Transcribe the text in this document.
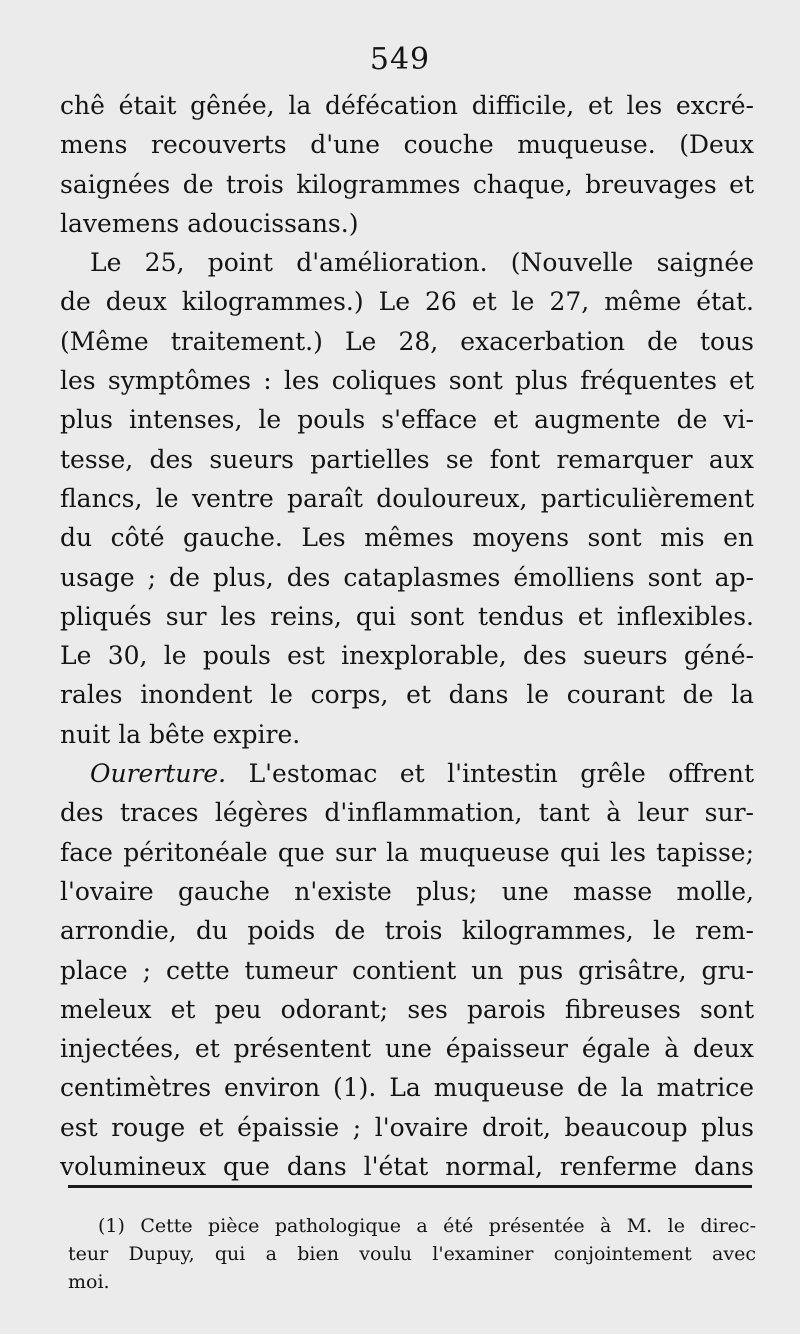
549
chê était gênée, la défécation difficile, et les excré-
mens recouverts d'une couche muqueuse. (Deux
saignées de trois kilogrammes chaque, breuvages et
lavemens adoucissans.)
Le 25, point d'amélioration. (Nouvelle saignée
de deux kilogrammes.) Le 26 et le 27, même état.
(Même traitement.) Le 28, exacerbation de tous
les symptômes : les coliques sont plus fréquentes et
plus intenses, le pouls s'efface et augmente de vi-
tesse, des sueurs partielles se font remarquer aux
flancs, le ventre paraît douloureux, particulièrement
du côté gauche. Les mêmes moyens sont mis en
usage ; de plus, des cataplasmes émolliens sont ap-
pliqués sur les reins, qui sont tendus et inflexibles.
Le 30, le pouls est inexplorable, des sueurs géné-
rales inondent le corps, et dans le courant de la
nuit la bête expire.
Ourerture. L'estomac et l'intestin grêle offrent
des traces légères d'inflammation, tant à leur sur-
face péritonéale que sur la muqueuse qui les tapisse;
l'ovaire gauche n'existe plus; une masse molle,
arrondie, du poids de trois kilogrammes, le rem-
place ; cette tumeur contient un pus grisâtre, gru-
meleux et peu odorant; ses parois fibreuses sont
injectées, et présentent une épaisseur égale à deux
centimètres environ (1). La muqueuse de la matrice
est rouge et épaissie ; l'ovaire droit, beaucoup plus
volumineux que dans l'état normal, renferme dans
(1) Cette pièce pathologique a été présentée à M. le direc-
teur Dupuy, qui a bien voulu l'examiner conjointement avec
moi.
